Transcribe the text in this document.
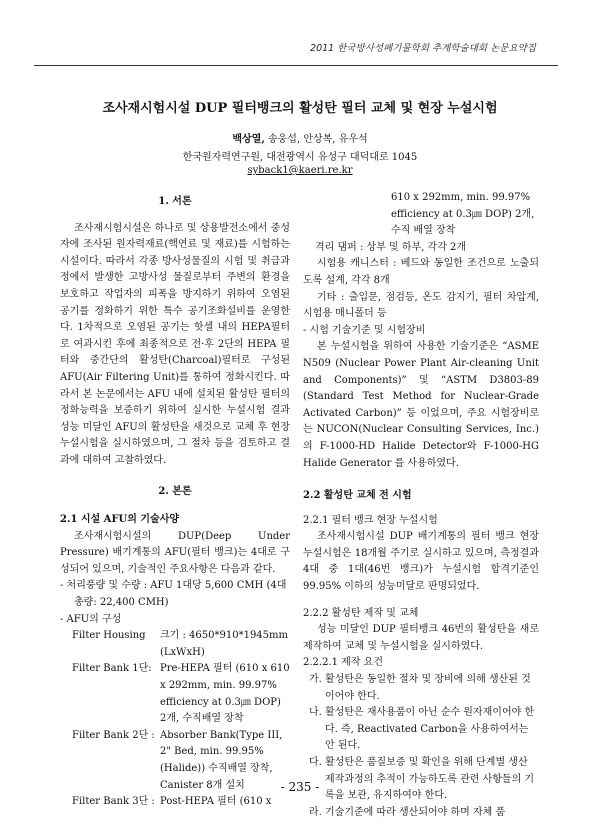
2011 한국방사성폐기물학회 추계학술대회 논문요약집
조사재시험시설 DUP 필터뱅크의 활성탄 필터 교체 및 현장 누설시험
백상열, 송웅섭, 안상복, 유우석
한국원자력연구원, 대전광역시 유성구 대덕대로 1045
syback1@kaeri.re.kr

1. 서론

조사재시험시설은 하나로 및 상용발전소에서 중성자에 조사된 원자력재료(핵연료 및 재료)를 시험하는 시설이다. 따라서 각종 방사성물질의 시험 및 취급과정에서 발생한 고방사성 물질로부터 주변의 환경을 보호하고 작업자의 피폭을 방지하기 위하여 오염된 공기를 정화하기 위한 특수 공기조화설비를 운영한다. 1차적으로 오염된 공기는 핫셀 내의 HEPA필터로 여과시킨 후에 최종적으로 전·후 2단의 HEPA 필터와 중간단의 활성탄(Charcoal)필터로 구성된 AFU(Air Filtering Unit)를 통하여 정화시킨다. 따라서 본 논문에서는 AFU 내에 설치된 활성탄 필터의 정화능력을 보증하기 위하여 실시한 누설시험 결과 성능 미달인 AFU의 활성탄을 새것으로 교체 후 현장 누설시험을 실시하였으며, 그 절차 등을 검토하고 결과에 대하여 고찰하였다.

2. 본론

2.1 시설 AFU의 기술사양

조사재시험시설의 DUP(Deep Under Pressure) 배기계통의 AFU(필터 뱅크)는 4대로 구성되어 있으며, 기술적인 주요사항은 다음과 같다.

- 처리풍량 및 수량 : AFU 1대당 5,600 CMH (4대 총량: 22,400 CMH)

- AFU의 구성

Filter Housing	크기 : 4650*910*1945mm (LxWxH)
Filter Bank 1단: Pre-HEPA 필터 (610 x 610 x 292mm, min. 99.97% efficiency at 0.3㎛ DOP) 2개, 수직배열 장착
Filter Bank 2단 : Absorber Bank(Type III, 2" Bed, min. 99.95%(Halide)) 수직배열 장착, Canister 8개 설치
Filter Bank 3단 : Post-HEPA 필터 (610 x

610 x 292mm, min. 99.97% efficiency at 0.3㎛ DOP) 2개, 수직 배열 장착

격리 댐퍼 : 상부 및 하부, 각각 2개

시험용 캐니스터 : 베드와 동일한 조건으로 노출되도록 설계, 각각 8개

기타 : 출입문, 점검등, 온도 감지기, 필터 차압계, 시험용 매니폴더 등

- 시험 기술기준 및 시험장비

본 누설시험을 위하여 사용한 기술기준은 “ASME N509 (Nuclear Power Plant Air-cleaning Unit and Components)” 및 “ASTM D3803-89 (Standard Test Method for Nuclear-Grade Activated Carbon)” 등 이었으며, 주요 시험장비로는 NUCON(Nuclear Consulting Services, Inc.)의 F-1000-HD Halide Detector와 F-1000-HG Halide Generator 를 사용하였다.

2.2 활성탄 교체 전 시험

2.2.1 필터 뱅크 현장 누설시험

조사재시험시설 DUP 배기계통의 필터 뱅크 현장 누설시험은 18개월 주기로 실시하고 있으며, 측정결과 4대 중 1대(46번 뱅크)가 누설시험 합격기준인 99.95% 이하의 성능미달로 판명되었다.

2.2.2 활성탄 제작 및 교체

성능 미달인 DUP 필터뱅크 46번의 활성탄을 새로 제작하여 교체 및 누설시험을 실시하였다.

2.2.2.1 제작 요건

가. 활성탄은 동일한 절차 및 장비에 의해 생산된 것이어야 한다.

나. 활성탄은 재사용품이 아닌 순수 원자재이어야 한다. 즉, Reactivated Carbon을 사용하여서는 안 된다.

다. 활성탄은 품질보증 및 확인을 위해 단계별 생산 제작과정의 추적이 가능하도록 관련 사항들의 기록을 보관, 유지하여야 한다.

라. 기술기준에 따라 생산되어야 하며 자체 품

- 235 -
